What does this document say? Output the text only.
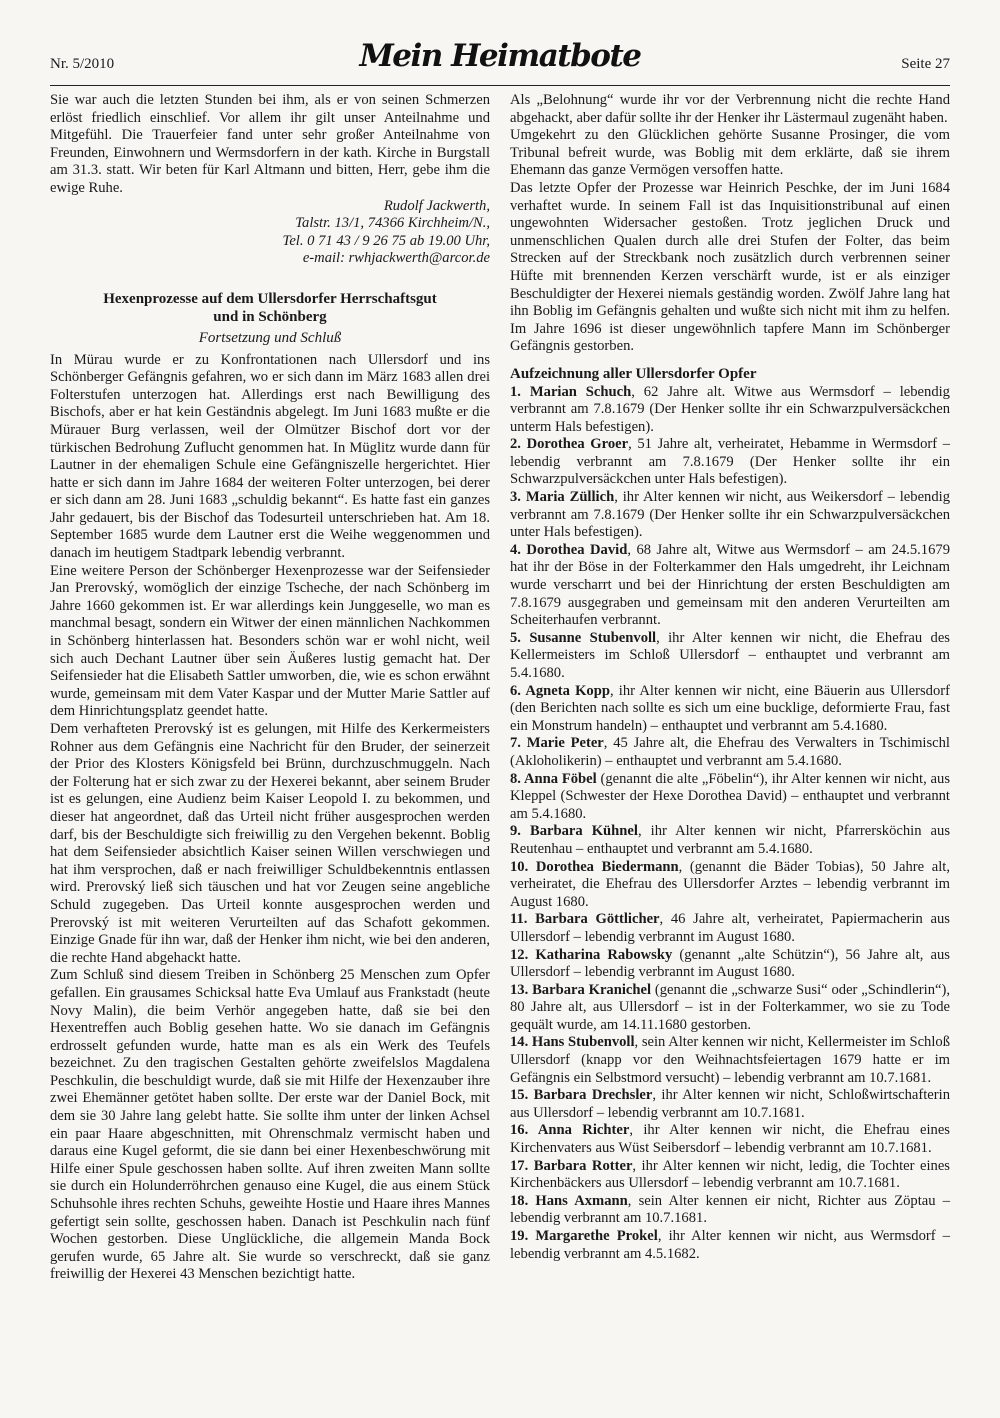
Nr. 5/2010	Mein Heimatbote	Seite 27

Sie war auch die letzten Stunden bei ihm, als er von seinen Schmerzen erlöst friedlich einschlief. Vor allem ihr gilt unser Anteilnahme und Mitgefühl. Die Trauerfeier fand unter sehr großer Anteilnahme von Freunden, Einwohnern und Wermsdorfern in der kath. Kirche in Burgstall am 31.3. statt. Wir beten für Karl Altmann und bitten, Herr, gebe ihm die ewige Ruhe.

Rudolf Jackwerth,

Talstr. 13/1, 74366 Kirchheim/N.,

Tel. 0 71 43 / 9 26 75 ab 19.00 Uhr,

e-mail: rwhjackwerth@arcor.de

Hexenprozesse auf dem Ullersdorfer Herrschaftsgut
und in Schönberg
Fortsetzung und Schluß

In Mürau wurde er zu Konfrontationen nach Ullersdorf und ins Schönberger Gefängnis gefahren, wo er sich dann im März 1683 allen drei Folterstufen unterzogen hat. Allerdings erst nach Bewilligung des Bischofs, aber er hat kein Geständnis abgelegt. Im Juni 1683 mußte er die Mürauer Burg verlassen, weil der Olmützer Bischof dort vor der türkischen Bedrohung Zuflucht genommen hat. In Müglitz wurde dann für Lautner in der ehemaligen Schule eine Gefängniszelle hergerichtet. Hier hatte er sich dann im Jahre 1684 der weiteren Folter unterzogen, bei derer er sich dann am 28. Juni 1683 „schuldig bekannt“. Es hatte fast ein ganzes Jahr gedauert, bis der Bischof das Todesurteil unterschrieben hat. Am 18. September 1685 wurde dem Lautner erst die Weihe weggenommen und danach im heutigem Stadtpark lebendig verbrannt.

Eine weitere Person der Schönberger Hexenprozesse war der Seifensieder Jan Prerovský, womöglich der einzige Tscheche, der nach Schönberg im Jahre 1660 gekommen ist. Er war allerdings kein Junggeselle, wo man es manchmal besagt, sondern ein Witwer der einen männlichen Nachkommen in Schönberg hinterlassen hat. Besonders schön war er wohl nicht, weil sich auch Dechant Lautner über sein Äußeres lustig gemacht hat. Der Seifensieder hat die Elisabeth Sattler umworben, die, wie es schon erwähnt wurde, gemeinsam mit dem Vater Kaspar und der Mutter Marie Sattler auf dem Hinrichtungsplatz geendet hatte.

Dem verhafteten Prerovský ist es gelungen, mit Hilfe des Kerkermeisters Rohner aus dem Gefängnis eine Nachricht für den Bruder, der seinerzeit der Prior des Klosters Königsfeld bei Brünn, durchzuschmuggeln. Nach der Folterung hat er sich zwar zu der Hexerei bekannt, aber seinem Bruder ist es gelungen, eine Audienz beim Kaiser Leopold I. zu bekommen, und dieser hat angeordnet, daß das Urteil nicht früher ausgesprochen werden darf, bis der Beschuldigte sich freiwillig zu den Vergehen bekennt. Boblig hat dem Seifensieder absichtlich Kaiser seinen Willen verschwiegen und hat ihm versprochen, daß er nach freiwilliger Schuldbekenntnis entlassen wird. Prerovský ließ sich täuschen und hat vor Zeugen seine angebliche Schuld zugegeben. Das Urteil konnte ausgesprochen werden und Prerovský ist mit weiteren Verurteilten auf das Schafott gekommen. Einzige Gnade für ihn war, daß der Henker ihm nicht, wie bei den anderen, die rechte Hand abgehackt hatte.

Zum Schluß sind diesem Treiben in Schönberg 25 Menschen zum Opfer gefallen. Ein grausames Schicksal hatte Eva Umlauf aus Frankstadt (heute Novy Malin), die beim Verhör angegeben hatte, daß sie bei den Hexentreffen auch Boblig gesehen hatte. Wo sie danach im Gefängnis erdrosselt gefunden wurde, hatte man es als ein Werk des Teufels bezeichnet. Zu den tragischen Gestalten gehörte zweifelslos Magdalena Peschkulin, die beschuldigt wurde, daß sie mit Hilfe der Hexenzauber ihre zwei Ehemänner getötet haben sollte. Der erste war der Daniel Bock, mit dem sie 30 Jahre lang gelebt hatte. Sie sollte ihm unter der linken Achsel ein paar Haare abgeschnitten, mit Ohrenschmalz vermischt haben und daraus eine Kugel geformt, die sie dann bei einer Hexenbeschwörung mit Hilfe einer Spule geschossen haben sollte. Auf ihren zweiten Mann sollte sie durch ein Holunderröhrchen genauso eine Kugel, die aus einem Stück Schuhsohle ihres rechten Schuhs, geweihte Hostie und Haare ihres Mannes gefertigt sein sollte, geschossen haben. Danach ist Peschkulin nach fünf Wochen gestorben. Diese Unglückliche, die allgemein Manda Bock gerufen wurde, 65 Jahre alt. Sie wurde so verschreckt, daß sie ganz freiwillig der Hexerei 43 Menschen bezichtigt hatte.

Als „Belohnung“ wurde ihr vor der Verbrennung nicht die rechte Hand abgehackt, aber dafür sollte ihr der Henker ihr Lästermaul zugenäht haben.

Umgekehrt zu den Glücklichen gehörte Susanne Prosinger, die vom Tribunal befreit wurde, was Boblig mit dem erklärte, daß sie ihrem Ehemann das ganze Vermögen versoffen hatte.

Das letzte Opfer der Prozesse war Heinrich Peschke, der im Juni 1684 verhaftet wurde. In seinem Fall ist das Inquisitionstribunal auf einen ungewohnten Widersacher gestoßen. Trotz jeglichen Druck und unmenschlichen Qualen durch alle drei Stufen der Folter, das beim Strecken auf der Streckbank noch zusätzlich durch verbrennen seiner Hüfte mit brennenden Kerzen verschärft wurde, ist er als einziger Beschuldigter der Hexerei niemals geständig worden. Zwölf Jahre lang hat ihn Boblig im Gefängnis gehalten und wußte sich nicht mit ihm zu helfen. Im Jahre 1696 ist dieser ungewöhnlich tapfere Mann im Schönberger Gefängnis gestorben.

Aufzeichnung aller Ullersdorfer Opfer

1. Marian Schuch, 62 Jahre alt. Witwe aus Wermsdorf – lebendig verbrannt am 7.8.1679 (Der Henker sollte ihr ein Schwarzpulversäckchen unterm Hals befestigen).

2. Dorothea Groer, 51 Jahre alt, verheiratet, Hebamme in Wermsdorf – lebendig verbrannt am 7.8.1679 (Der Henker sollte ihr ein Schwarzpulversäckchen unter Hals befestigen).

3. Maria Züllich, ihr Alter kennen wir nicht, aus Weikersdorf – lebendig verbrannt am 7.8.1679 (Der Henker sollte ihr ein Schwarzpulversäckchen unter Hals befestigen).

4. Dorothea David, 68 Jahre alt, Witwe aus Wermsdorf – am 24.5.1679 hat ihr der Böse in der Folterkammer den Hals umgedreht, ihr Leichnam wurde verscharrt und bei der Hinrichtung der ersten Beschuldigten am 7.8.1679 ausgegraben und gemeinsam mit den anderen Verurteilten am Scheiterhaufen verbrannt.

5. Susanne Stubenvoll, ihr Alter kennen wir nicht, die Ehefrau des Kellermeisters im Schloß Ullersdorf – enthauptet und verbrannt am 5.4.1680.

6. Agneta Kopp, ihr Alter kennen wir nicht, eine Bäuerin aus Ullersdorf (den Berichten nach sollte es sich um eine bucklige, deformierte Frau, fast ein Monstrum handeln) – enthauptet und verbrannt am 5.4.1680.

7. Marie Peter, 45 Jahre alt, die Ehefrau des Verwalters in Tschimischl (Akloholikerin) – enthauptet und verbrannt am 5.4.1680.

8. Anna Föbel (genannt die alte „Föbelin“), ihr Alter kennen wir nicht, aus Kleppel (Schwester der Hexe Dorothea David) – enthauptet und verbrannt am 5.4.1680.

9. Barbara Kühnel, ihr Alter kennen wir nicht, Pfarrersköchin aus Reutenhau – enthauptet und verbrannt am 5.4.1680.

10. Dorothea Biedermann, (genannt die Bäder Tobias), 50 Jahre alt, verheiratet, die Ehefrau des Ullersdorfer Arztes – lebendig verbrannt im August 1680.

11. Barbara Göttlicher, 46 Jahre alt, verheiratet, Papiermacherin aus Ullersdorf – lebendig verbrannt im August 1680.

12. Katharina Rabowsky (genannt „alte Schützin“), 56 Jahre alt, aus Ullersdorf – lebendig verbrannt im August 1680.

13. Barbara Kranichel (genannt die „schwarze Susi“ oder „Schindlerin“), 80 Jahre alt, aus Ullersdorf – ist in der Folterkammer, wo sie zu Tode gequält wurde, am 14.11.1680 gestorben.

14. Hans Stubenvoll, sein Alter kennen wir nicht, Kellermeister im Schloß Ullersdorf (knapp vor den Weihnachtsfeiertagen 1679 hatte er im Gefängnis ein Selbstmord versucht) – lebendig verbrannt am 10.7.1681.

15. Barbara Drechsler, ihr Alter kennen wir nicht, Schloßwirtschafterin aus Ullersdorf – lebendig verbrannt am 10.7.1681.

16. Anna Richter, ihr Alter kennen wir nicht, die Ehefrau eines Kirchenvaters aus Wüst Seibersdorf – lebendig verbrannt am 10.7.1681.

17. Barbara Rotter, ihr Alter kennen wir nicht, ledig, die Tochter eines Kirchenbäckers aus Ullersdorf – lebendig verbrannt am 10.7.1681.

18. Hans Axmann, sein Alter kennen eir nicht, Richter aus Zöptau – lebendig verbrannt am 10.7.1681.

19. Margarethe Prokel, ihr Alter kennen wir nicht, aus Wermsdorf – lebendig verbrannt am 4.5.1682.
